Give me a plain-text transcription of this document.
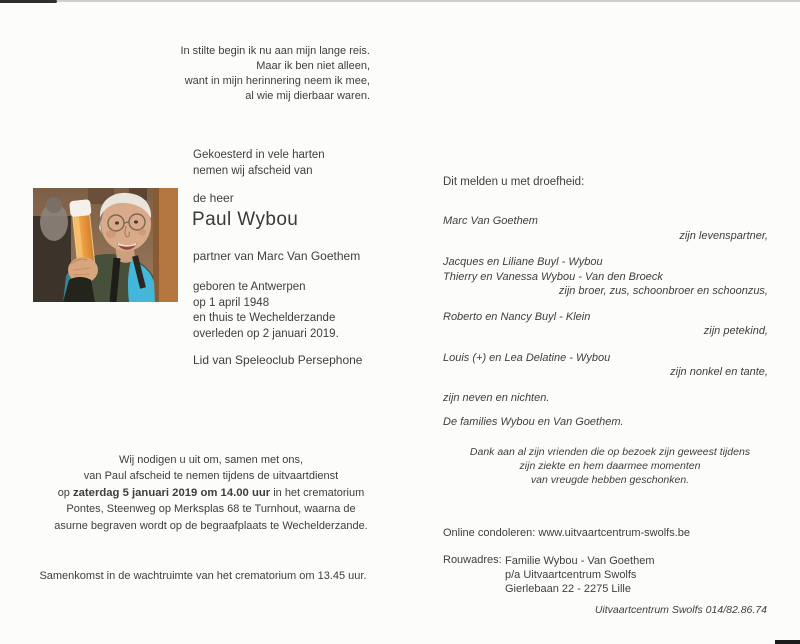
In stilte begin ik nu aan mijn lange reis.
Maar ik ben niet alleen,
want in mijn herinnering neem ik mee,
al wie mij dierbaar waren.
Gekoesterd in vele harten
nemen wij afscheid van
de heer
Paul Wybou
partner van Marc Van Goethem
geboren te Antwerpen
op 1 april 1948
en thuis te Wechelderzande
overleden op 2 januari 2019.
Lid van Speleoclub Persephone
Wij nodigen u uit om, samen met ons,
van Paul afscheid te nemen tijdens de uitvaartdienst
op zaterdag 5 januari 2019 om 14.00 uur in het crematorium
Pontes, Steenweg op Merksplas 68 te Turnhout, waarna de
asurne begraven wordt op de begraafplaats te Wechelderzande.
Samenkomst in de wachtruimte van het crematorium om 13.45 uur.
Dit melden u met droefheid:
Marc Van Goethem
zijn levenspartner,
Jacques en Liliane Buyl - Wybou
Thierry en Vanessa Wybou - Van den Broeck
zijn broer, zus, schoonbroer en schoonzus,
Roberto en Nancy Buyl - Klein
zijn petekind,
Louis (+) en Lea Delatine - Wybou
zijn nonkel en tante,
zijn neven en nichten.
De families Wybou en Van Goethem.
Dank aan al zijn vrienden die op bezoek zijn geweest tijdens
zijn ziekte en hem daarmee momenten
van vreugde hebben geschonken.
Online condoleren: www.uitvaartcentrum-swolfs.be
Rouwadres: Familie Wybou - Van Goethem
p/a Uitvaartcentrum Swolfs
Gierlebaan 22 - 2275 Lille
Uitvaartcentrum Swolfs 014/82.86.74
